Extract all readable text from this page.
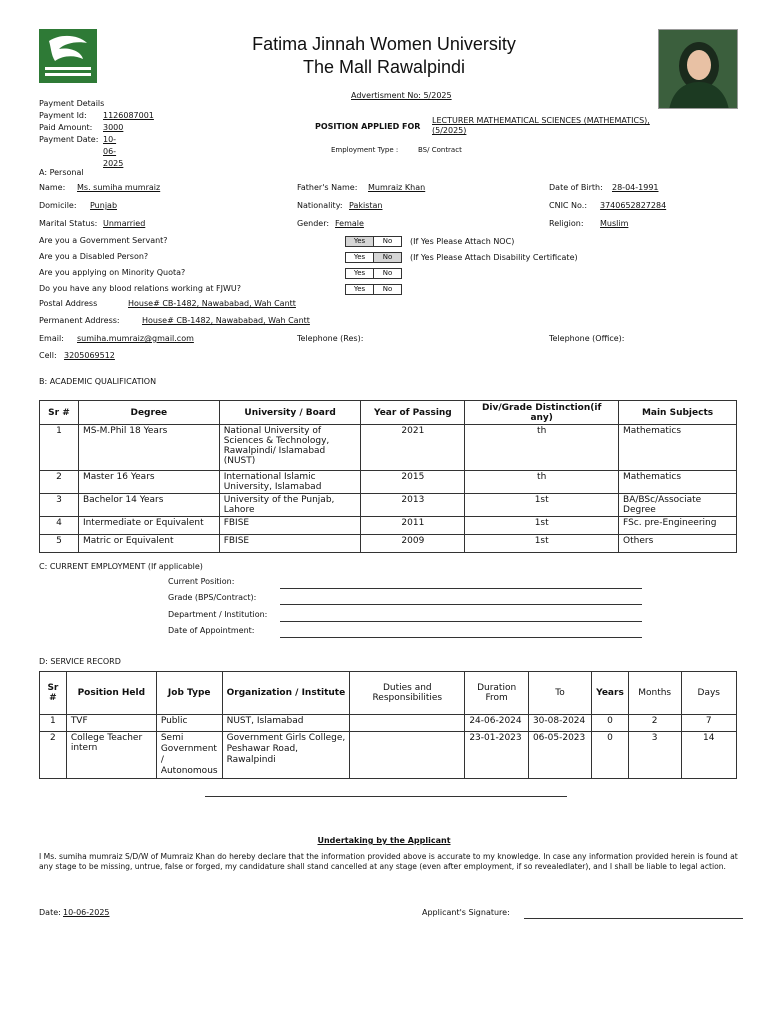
Fatima Jinnah Women University
The Mall Rawalpindi
Advertisment No: 5/2025
POSITION APPLIED FOR
LECTURER MATHEMATICAL SCIENCES (MATHEMATICS), (5/2025)
Employment Type :	BS/ Contract
Payment Details
Payment Id: 1126087001
Paid Amount: 3000
Payment Date: 10-06-2025
A: Personal
Name: Ms. sumiha mumraiz	Father's Name: Mumraiz Khan	Date of Birth: 28-04-1991
Domicile: Punjab	Nationality: Pakistan	CNIC No.: 3740652827284
Marital Status: Unmarried	Gender: Female	Religion: Muslim
Are you a Government Servant?	Yes	No	(If Yes Please Attach NOC)
Are you a Disabled Person?	Yes	No	(If Yes Please Attach Disability Certificate)
Are you applying on Minority Quota?	Yes	No
Do you have any blood relations working at FJWU?	Yes	No
Postal Address	House# CB-1482, Nawababad, Wah Cantt
Permanent Address:	House# CB-1482, Nawababad, Wah Cantt
Email: sumiha.mumraiz@gmail.com	Telephone (Res):	Telephone (Office):
Cell: 3205069512
B: ACADEMIC QUALIFICATION
Sr #	Degree	University / Board	Year of Passing	Div/Grade Distinction(if any)	Main Subjects
1	MS-M.Phil 18 Years	National University of Sciences & Technology, Rawalpindi/ Islamabad (NUST)	2021	th	Mathematics
2	Master 16 Years	International Islamic University, Islamabad	2015	th	Mathematics
3	Bachelor 14 Years	University of the Punjab, Lahore	2013	1st	BA/BSc/Associate Degree
4	Intermediate or Equivalent	FBISE	2011	1st	FSc. pre-Engineering
5	Matric or Equivalent	FBISE	2009	1st	Others
C: CURRENT EMPLOYMENT (If applicable)
Current Position:
Grade (BPS/Contract):
Department / Institution:
Date of Appointment:
D: SERVICE RECORD
Sr #	Position Held	Job Type	Organization / Institute	Duties and Responsibilities	Duration From	To	Years	Months	Days
1	TVF	Public	NUST, Islamabad		24-06-2024	30-08-2024	0	2	7
2	College Teacher intern	Semi Government / Autonomous	Government Girls College, Peshawar Road, Rawalpindi		23-01-2023	06-05-2023	0	3	14
Undertaking by the Applicant
I Ms. sumiha mumraiz S/D/W of Mumraiz Khan do hereby declare that the information provided above is accurate to my knowledge. In case any information provided herein is found at any stage to be missing, untrue, false or forged, my candidature shall stand cancelled at any stage (even after employment, if so revealedlater), and I shall be liable to legal action.
Date: 10-06-2025	Applicant's Signature:
